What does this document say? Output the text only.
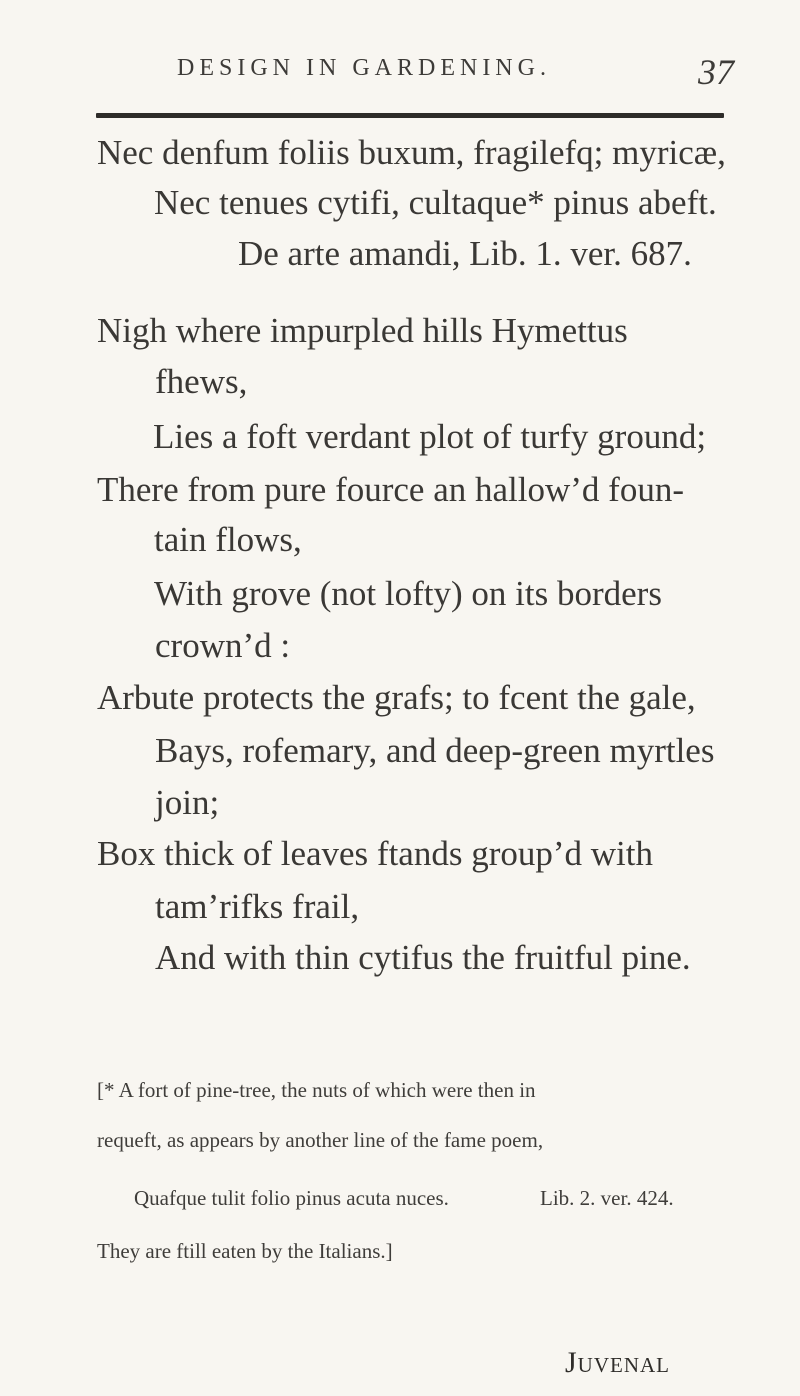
DESIGN IN GARDENING.	37
Nec denfum foliis buxum, fragilefq; myricæ,
Nec tenues cytifi, cultaque* pinus abeft.
De arte amandi, Lib. 1. ver. 687.
Nigh where impurpled hills Hymettus
fhews,
Lies a foft verdant plot of turfy ground;
There from pure fource an hallow’d foun-
tain flows,
With grove (not lofty) on its borders
crown’d :
Arbute protects the grafs; to fcent the gale,
Bays, rofemary, and deep-green myrtles
join;
Box thick of leaves ftands group’d with
tam’rifks frail,
And with thin cytifus the fruitful pine.
[* A fort of pine-tree, the nuts of which were then in
requeft, as appears by another line of the fame poem,
Quafque tulit folio pinus acuta nuces.	Lib. 2. ver. 424.
They are ftill eaten by the Italians.]
Juvenal
